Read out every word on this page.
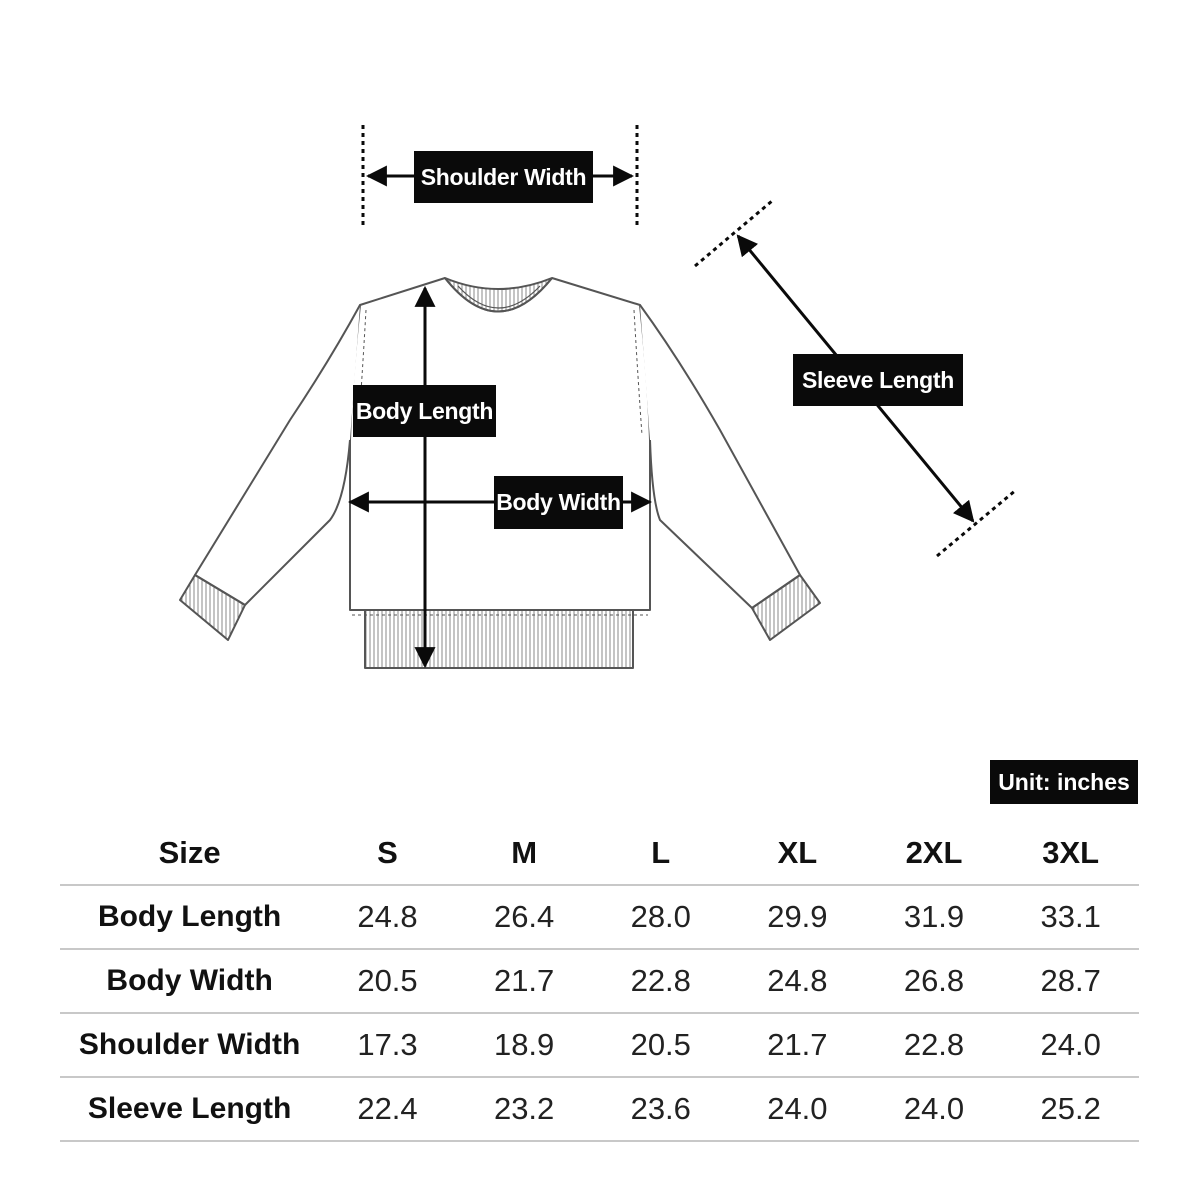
Shoulder Width
Sleeve Length
Body Length
Body Width
Unit: inches
Size	S	M	L	XL	2XL	3XL
Body Length	24.8	26.4	28.0	29.9	31.9	33.1
Body Width	20.5	21.7	22.8	24.8	26.8	28.7
Shoulder Width	17.3	18.9	20.5	21.7	22.8	24.0
Sleeve Length	22.4	23.2	23.6	24.0	24.0	25.2
